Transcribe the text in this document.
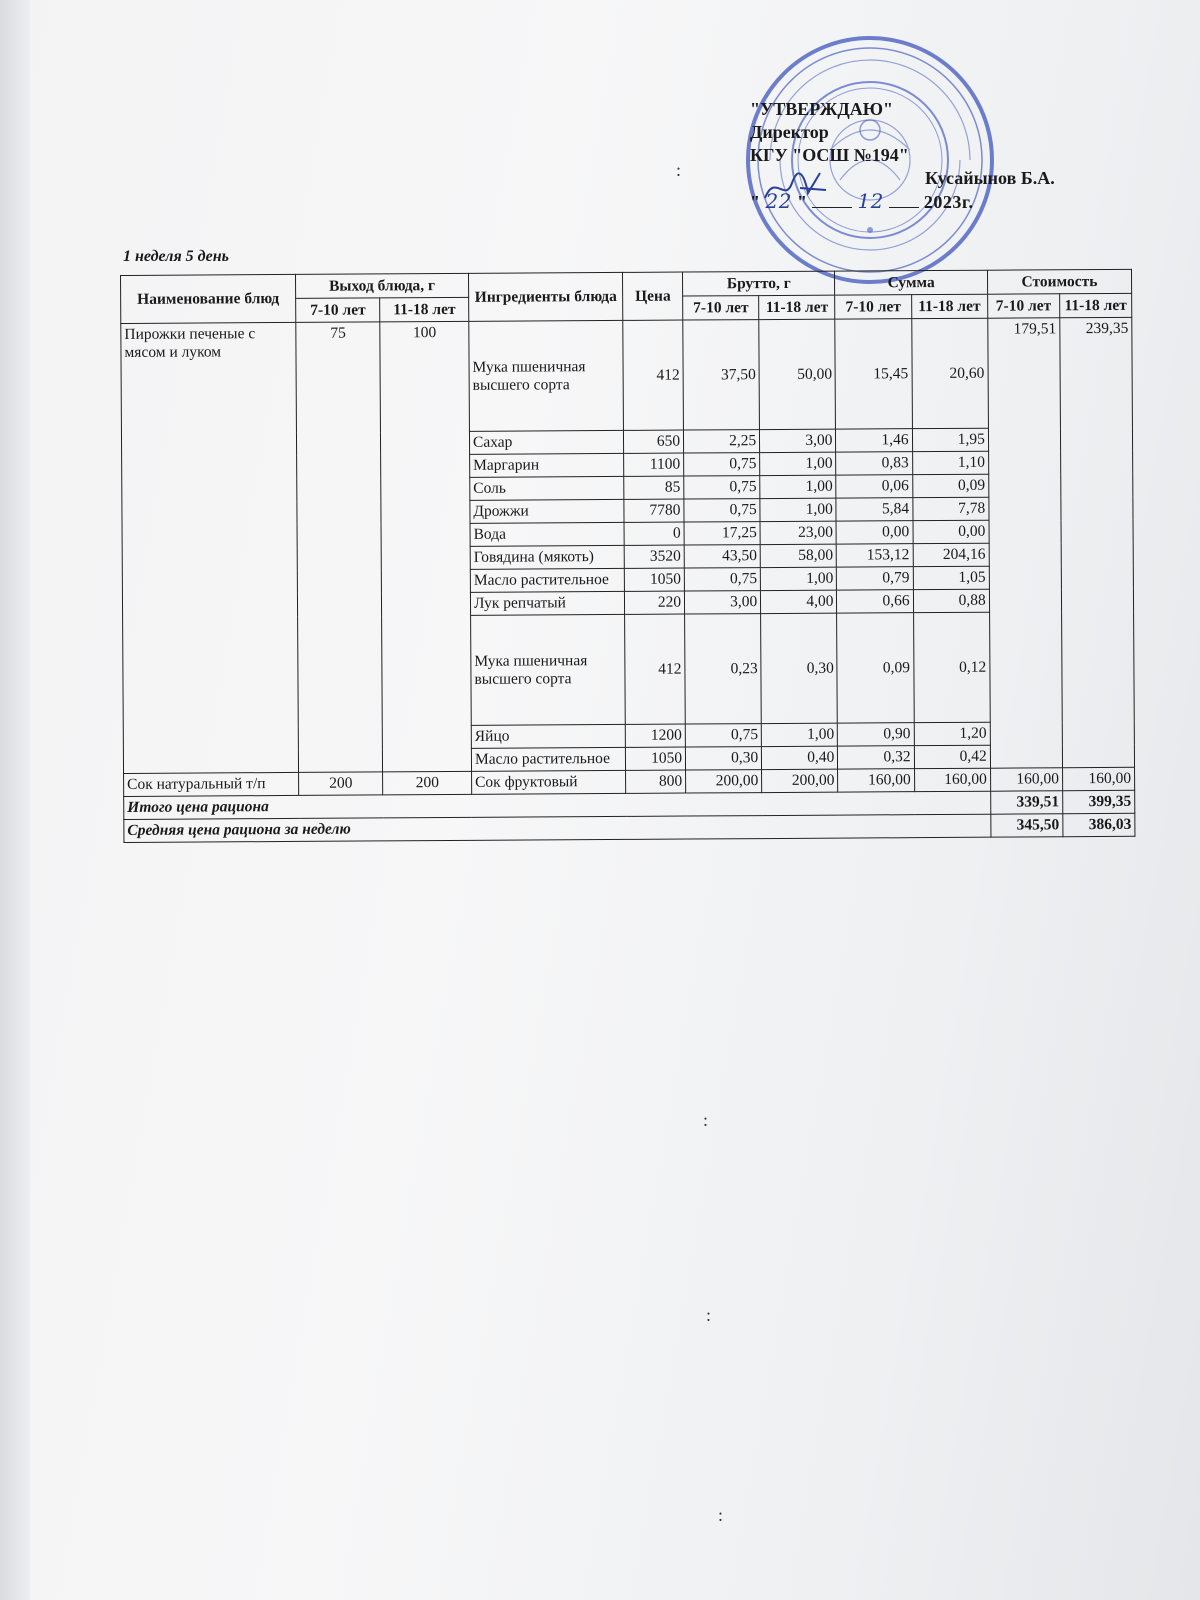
"УТВЕРЖДАЮ"
Директор
КГУ "ОСШ №194"
Кусайынов Б.А.
" 22 "	12 2023г.
1 неделя 5 день
Наименование блюд	Выход блюда, г		Ингредиенты блюда	Цена	Брутто, г		Сумма		Стоимость	
	7-10 лет	11-18 лет			7-10 лет	11-18 лет	7-10 лет	11-18 лет	7-10 лет	11-18 лет
Пирожки печеные с мясом и луком	75	100	Мука пшеничная высшего сорта	412	37,50	50,00	15,45	20,60	179,51	239,35
			Сахар	650	2,25	3,00	1,46	1,95		
			Маргарин	1100	0,75	1,00	0,83	1,10		
			Соль	85	0,75	1,00	0,06	0,09		
			Дрожжи	7780	0,75	1,00	5,84	7,78		
			Вода	0	17,25	23,00	0,00	0,00		
			Говядина (мякоть)	3520	43,50	58,00	153,12	204,16		
			Масло растительное	1050	0,75	1,00	0,79	1,05		
			Лук репчатый	220	3,00	4,00	0,66	0,88		
			Мука пшеничная высшего сорта	412	0,23	0,30	0,09	0,12		
			Яйцо	1200	0,75	1,00	0,90	1,20		
			Масло растительное	1050	0,30	0,40	0,32	0,42		
Сок натуральный т/п	200	200	Сок фруктовый	800	200,00	200,00	160,00	160,00	160,00	160,00
Итого цена рациона									339,51	399,35
Средняя цена рациона за неделю									345,50	386,03
:
:
:
:
